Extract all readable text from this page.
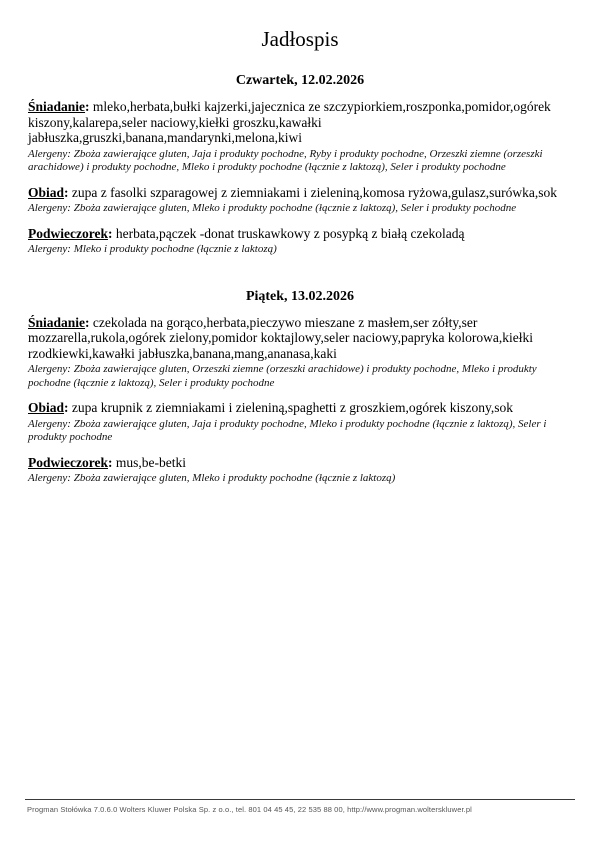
Jadłospis
Czwartek, 12.02.2026

Śniadanie: mleko,herbata,bułki kajzerki,jajecznica ze szczypiorkiem,roszponka,pomidor,ogórek kiszony,kalarepa,seler naciowy,kiełki groszku,kawałki jabłuszka,gruszki,banana,mandarynki,melona,kiwi

Alergeny: Zboża zawierające gluten, Jaja i produkty pochodne, Ryby i produkty pochodne, Orzeszki ziemne (orzeszki arachidowe) i produkty pochodne, Mleko i produkty pochodne (łącznie z laktozą), Seler i produkty pochodne

Obiad: zupa z fasolki szparagowej z ziemniakami i zieleniną,komosa ryżowa,gulasz,surówka,sok

Alergeny: Zboża zawierające gluten, Mleko i produkty pochodne (łącznie z laktozą), Seler i produkty pochodne

Podwieczorek: herbata,pączek -donat truskawkowy z posypką z białą czekoladą

Alergeny: Mleko i produkty pochodne (łącznie z laktozą)

Piątek, 13.02.2026

Śniadanie: czekolada na gorąco,herbata,pieczywo mieszane z masłem,ser zółty,ser mozzarella,rukola,ogórek zielony,pomidor koktajlowy,seler naciowy,papryka kolorowa,kiełki rzodkiewki,kawałki jabłuszka,banana,mang,ananasa,kaki

Alergeny: Zboża zawierające gluten, Orzeszki ziemne (orzeszki arachidowe) i produkty pochodne, Mleko i produkty pochodne (łącznie z laktozą), Seler i produkty pochodne

Obiad: zupa krupnik z ziemniakami i zieleniną,spaghetti z groszkiem,ogórek kiszony,sok

Alergeny: Zboża zawierające gluten, Jaja i produkty pochodne, Mleko i produkty pochodne (łącznie z laktozą), Seler i produkty pochodne

Podwieczorek: mus,be-betki

Alergeny: Zboża zawierające gluten, Mleko i produkty pochodne (łącznie z laktozą)

Progman Stołówka 7.0.6.0 Wolters Kluwer Polska Sp. z o.o., tel. 801 04 45 45, 22 535 88 00, http://www.progman.wolterskluwer.pl
